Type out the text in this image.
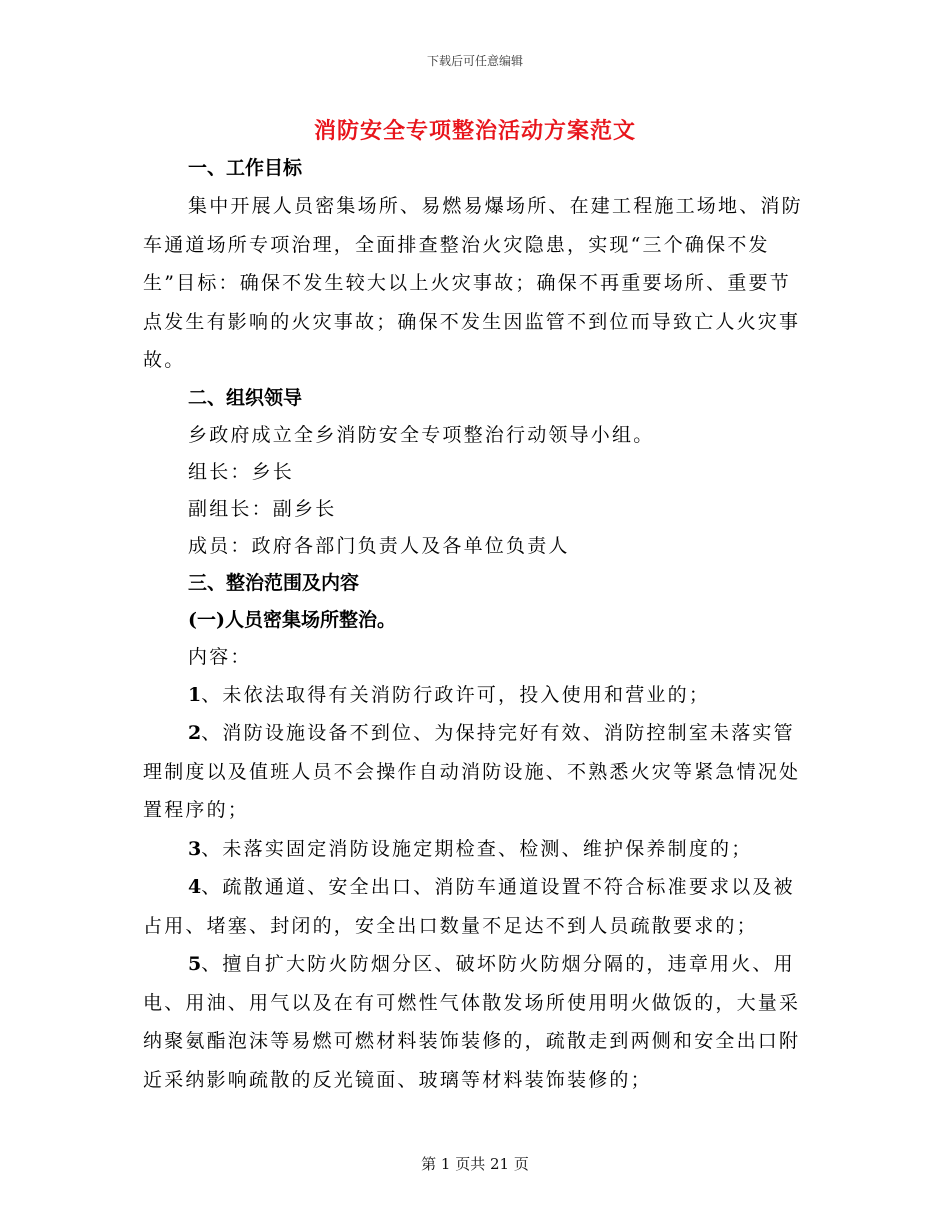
下载后可任意编辑
消防安全专项整治活动方案范文
一、工作目标

集中开展人员密集场所、易燃易爆场所、在建工程施工场地、消防车通道场所专项治理，全面排查整治火灾隐患，实现“三个确保不发生”目标：确保不发生较大以上火灾事故；确保不再重要场所、重要节点发生有影响的火灾事故；确保不发生因监管不到位而导致亡人火灾事故。

二、组织领导
乡政府成立全乡消防安全专项整治行动领导小组。
组长：乡长
副组长：副乡长
成员：政府各部门负责人及各单位负责人
三、整治范围及内容
(一)人员密集场所整治。
内容：

1、未依法取得有关消防行政许可，投入使用和营业的；

2、消防设施设备不到位、为保持完好有效、消防控制室未落实管理制度以及值班人员不会操作自动消防设施、不熟悉火灾等紧急情况处置程序的；

3、未落实固定消防设施定期检查、检测、维护保养制度的；

4、疏散通道、安全出口、消防车通道设置不符合标准要求以及被占用、堵塞、封闭的，安全出口数量不足达不到人员疏散要求的；

5、擅自扩大防火防烟分区、破坏防火防烟分隔的，违章用火、用电、用油、用气以及在有可燃性气体散发场所使用明火做饭的，大量采纳聚氨酯泡沫等易燃可燃材料装饰装修的，疏散走到两侧和安全出口附近采纳影响疏散的反光镜面、玻璃等材料装饰装修的；

第 1 页共 21 页
